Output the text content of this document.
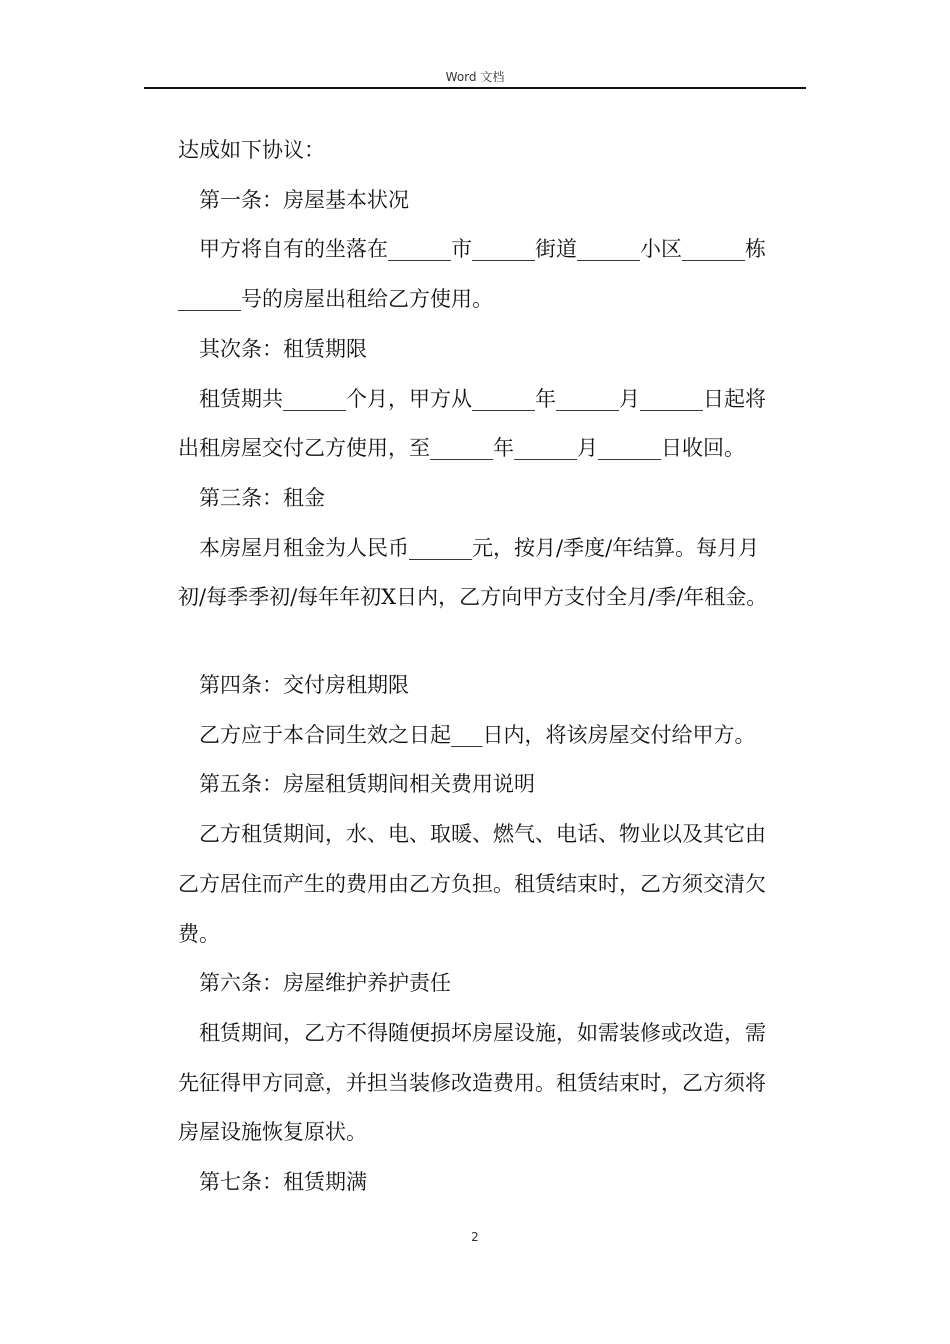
Word 文档

达成如下协议：

第一条：房屋基本状况

甲方将自有的坐落在______市______街道______小区______栋

______号的房屋出租给乙方使用。

其次条：租赁期限

租赁期共______个月，甲方从______年______月______日起将

出租房屋交付乙方使用，至______年______月______日收回。

第三条：租金

本房屋月租金为人民币______元，按月/季度/年结算。每月月

初/每季季初/每年年初Ⅹ日内，乙方向甲方支付全月/季/年租金。

第四条：交付房租期限

乙方应于本合同生效之日起___日内，将该房屋交付给甲方。

第五条：房屋租赁期间相关费用说明

乙方租赁期间，水、电、取暖、燃气、电话、物业以及其它由

乙方居住而产生的费用由乙方负担。租赁结束时，乙方须交清欠

费。

第六条：房屋维护养护责任

租赁期间，乙方不得随便损坏房屋设施，如需装修或改造，需

先征得甲方同意，并担当装修改造费用。租赁结束时，乙方须将

房屋设施恢复原状。

第七条：租赁期满

2
